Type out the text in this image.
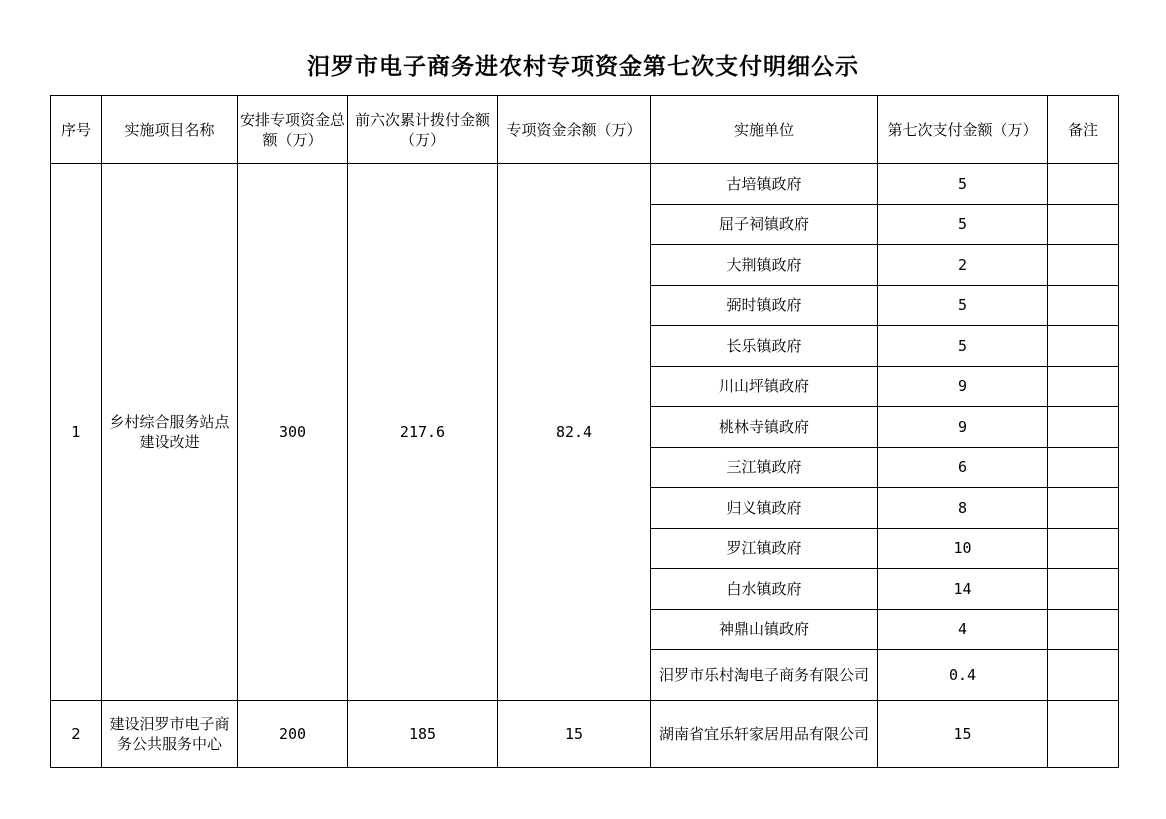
汨罗市电子商务进农村专项资金第七次支付明细公示
序号	实施项目名称	安排专项资金总额（万）	前六次累计拨付金额（万）	专项资金余额（万）	实施单位	第七次支付金额（万）	备注
1	乡村综合服务站点建设改进	300	217.6	82.4	古培镇政府	5	
					屈子祠镇政府	5	
					大荆镇政府	2	
					弼时镇政府	5	
					长乐镇政府	5	
					川山坪镇政府	9	
					桃林寺镇政府	9	
					三江镇政府	6	
					归义镇政府	8	
					罗江镇政府	10	
					白水镇政府	14	
					神鼎山镇政府	4	
					汨罗市乐村淘电子商务有限公司	0.4	
2	建设汨罗市电子商务公共服务中心	200	185	15	湖南省宜乐轩家居用品有限公司	15	
